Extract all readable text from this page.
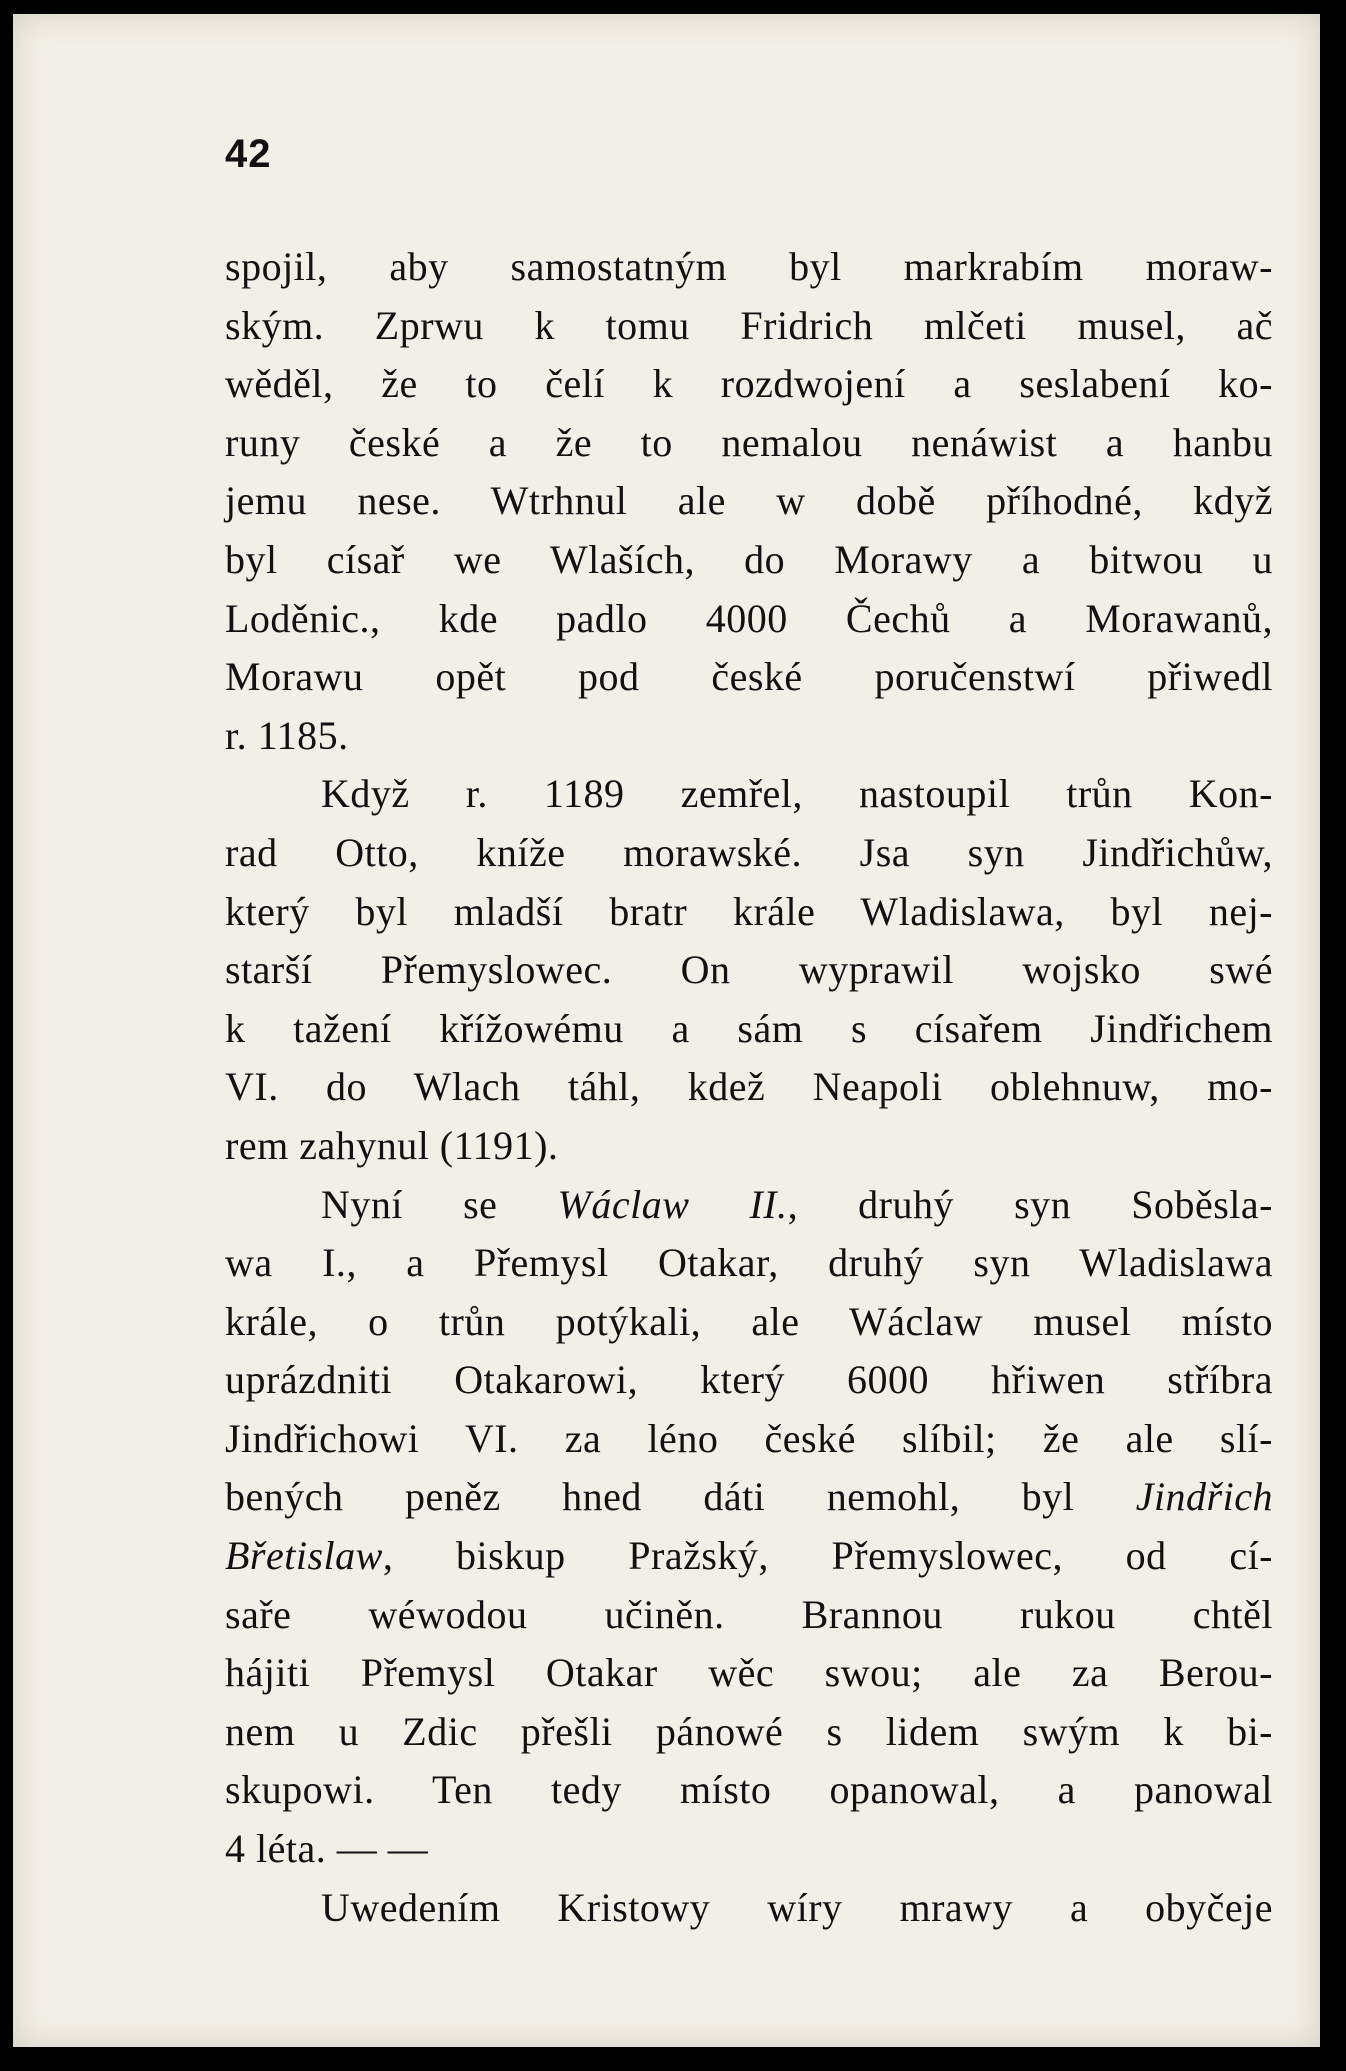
42
spojil, aby samostatným byl markrabím moraw-
ským. Zprwu k tomu Fridrich mlčeti musel, ač
wěděl, že to čelí k rozdwojení a seslabení ko-
runy české a že to nemalou nenáwist a hanbu
jemu nese. Wtrhnul ale w době příhodné, když
byl císař we Wlaších, do Morawy a bitwou u
Loděnic., kde padlo 4000 Čechů a Morawanů,
Morawu opět pod české poručenstwí přiwedl
r. 1185.
Když r. 1189 zemřel, nastoupil trůn Kon-
rad Otto, kníže morawské. Jsa syn Jindřichůw,
který byl mladší bratr krále Wladislawa, byl nej-
starší Přemyslowec. On wyprawil wojsko swé
k tažení křížowému a sám s císařem Jindřichem
VI. do Wlach táhl, kdež Neapoli oblehnuw, mo-
rem zahynul (1191).
Nyní se Wáclaw II., druhý syn Soběsla-
wa I., a Přemysl Otakar, druhý syn Wladislawa
krále, o trůn potýkali, ale Wáclaw musel místo
uprázdniti Otakarowi, který 6000 hřiwen stříbra
Jindřichowi VI. za léno české slíbil; že ale slí-
bených peněz hned dáti nemohl, byl Jindřich
Břetislaw, biskup Pražský, Přemyslowec, od cí-
saře wéwodou učiněn. Brannou rukou chtěl
hájiti Přemysl Otakar wěc swou; ale za Berou-
nem u Zdic přešli pánowé s lidem swým k bi-
skupowi. Ten tedy místo opanowal, a panowal
4 léta. — —
Uwedením Kristowy wíry mrawy a obyčeje
